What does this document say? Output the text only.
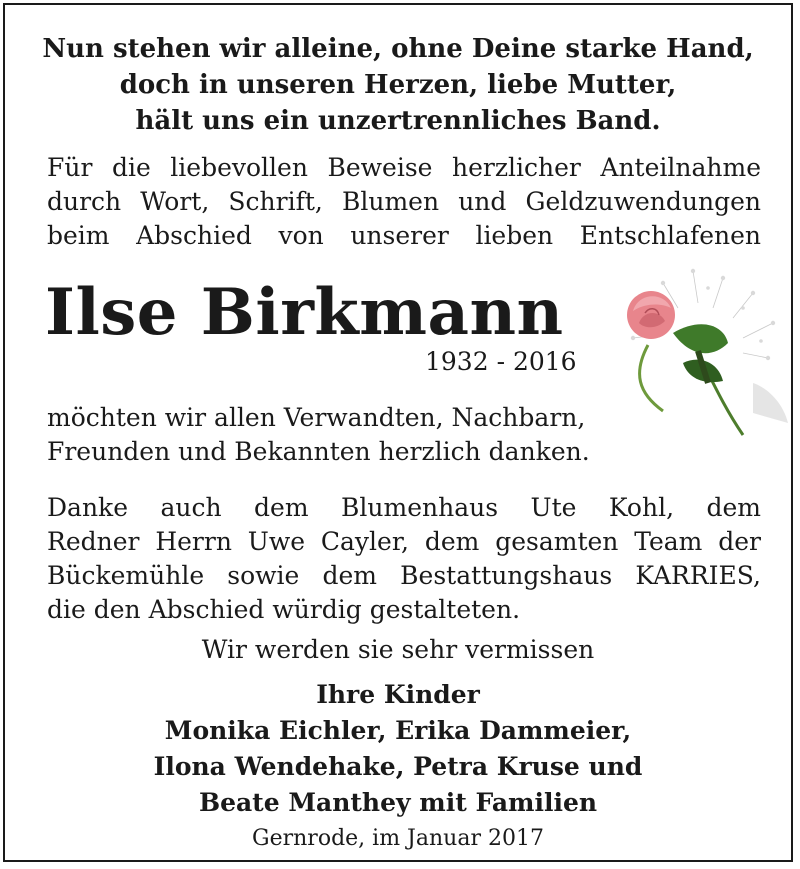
Nun stehen wir alleine, ohne Deine starke Hand,
doch in unseren Herzen, liebe Mutter,
hält uns ein unzertrennliches Band.
Für die liebevollen Beweise herzlicher Anteilnahme
durch Wort, Schrift, Blumen und Geldzuwendungen
beim Abschied von unserer lieben Entschlafenen
Ilse Birkmann
1932 - 2016
möchten wir allen Verwandten, Nachbarn,
Freunden und Bekannten herzlich danken.
Danke auch dem Blumenhaus Ute Kohl, dem
Redner Herrn Uwe Cayler, dem gesamten Team der
Bückemühle sowie dem Bestattungshaus KARRIES,
die den Abschied würdig gestalteten.
Wir werden sie sehr vermissen
Ihre Kinder
Monika Eichler, Erika Dammeier,
Ilona Wendehake, Petra Kruse und
Beate Manthey mit Familien
Gernrode, im Januar 2017
